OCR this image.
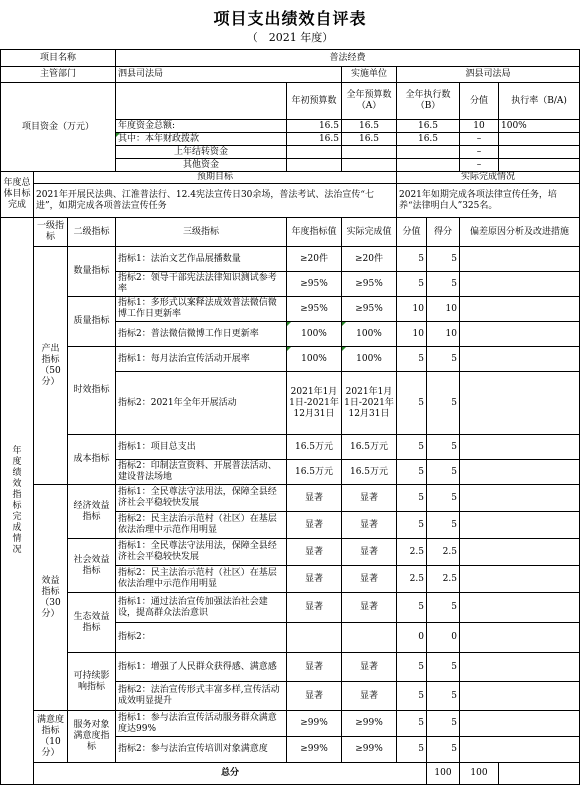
项目支出绩效自评表
（　2021 年度）
项目名称			普法经费						
主管部门			泗县司法局		实施单位	泗县司法局			
项目资金（万元）				年初预算数	全年预算数（A）	全年执行数（B）		分值	执行率（B/A)
			年度资金总额:	16.5	16.5	16.5		10	100%
			其中：本年财政拨款	16.5	16.5	16.5		–	
			上年结转资金					–	
			其他资金					–	
年度总体目标完成	预期目标					实际完成情况			
	2021年开展民法典、江淮普法行、12.4宪法宣传日30余场，普法考试、法治宣传“七进”，如期完成各项普法宣传任务					2021年如期完成各项法律宣传任务，培养“法律明白人”325名。			
年度绩效指标完成情况	一级指标	二级指标	三级指标	年度指标值	实际完成值	分值	得分	偏差原因分析及改进措施	
	产出指标（50分）	数量指标	指标1：法治文艺作品展播数量	≥20件	≥20件	5	5		
			指标2：领导干部宪法法律知识测试参考率	≥95%	≥95%	5	5		
		质量指标	指标1：多形式以案释法成效普法微信微博工作日更新率	≥95%	≥95%	10	10		
			指标2：普法微信微博工作日更新率	100%	100%	10	10		
		时效指标	指标1：每月法治宣传活动开展率	100%	100%	5	5		
			指标2：2021年全年开展活动	2021年1月1日-2021年12月31日	2021年1月1日-2021年12月31日	5	5		
		成本指标	指标1：项目总支出	16.5万元	16.5万元	5	5		
			指标2：印制法宣资料、开展普法活动、建设普法场地	16.5万元	16.5万元	5	5		
	效益指标（30分）	经济效益指标	指标1：全民尊法守法用法，保障全县经济社会平稳较快发展	显著	显著	5	5		
			指标2：民主法治示范村（社区）在基层依法治理中示范作用明显	显著	显著	5	5		
		社会效益指标	指标1：全民尊法守法用法，保障全县经济社会平稳较快发展	显著	显著	2.5	2.5		
			指标2：民主法治示范村（社区）在基层依法治理中示范作用明显	显著	显著	2.5	2.5		
		生态效益指标	指标1：通过法治宣传加强法治社会建设，提高群众法治意识	显著	显著	5	5		
			指标2：			0	0		
		可持续影响指标	指标1：增强了人民群众获得感、满意感	显著	显著	5	5		
			指标2：法治宣传形式丰富多样,宣传活动成效明显提升	显著	显著	5	5		
	满意度指标（10分）	服务对象满意度指标	指标1：参与法治宣传活动服务群众满意度达99%	≥99%	≥99%	5	5		
			指标2：参与法治宣传培训对象满意度	≥99%	≥99%	5	5		
	总分						100	100	
